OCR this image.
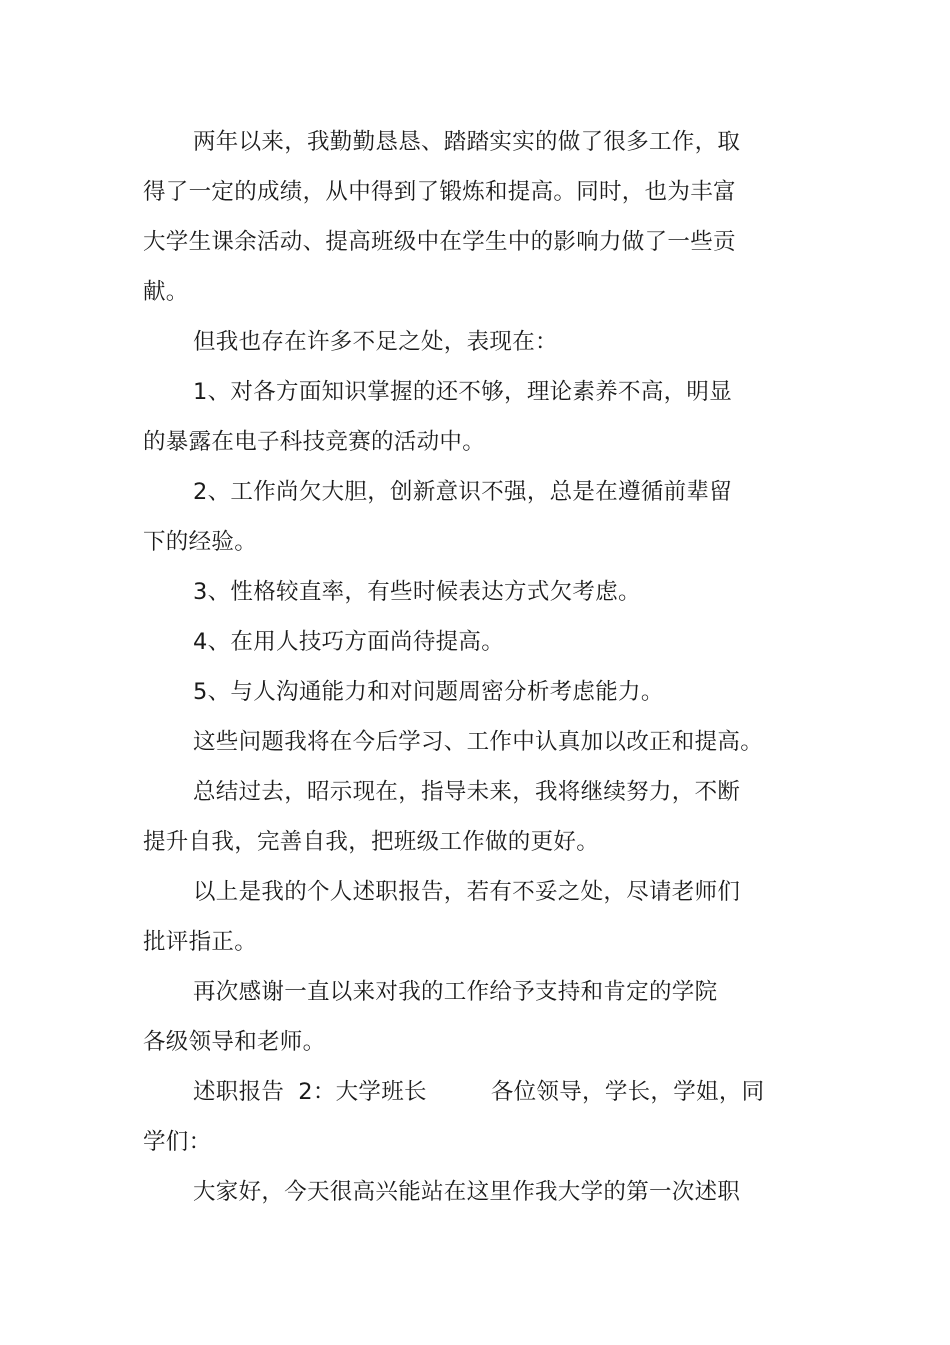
两年以来，我勤勤恳恳、踏踏实实的做了很多工作，取
得了一定的成绩，从中得到了锻炼和提高。同时，也为丰富
大学生课余活动、提高班级中在学生中的影响力做了一些贡
献。
但我也存在许多不足之处，表现在：
1、对各方面知识掌握的还不够，理论素养不高，明显
的暴露在电子科技竞赛的活动中。
2、工作尚欠大胆，创新意识不强，总是在遵循前辈留
下的经验。
3、性格较直率，有些时候表达方式欠考虑。
4、在用人技巧方面尚待提高。
5、与人沟通能力和对问题周密分析考虑能力。
这些问题我将在今后学习、工作中认真加以改正和提高。
总结过去，昭示现在，指导未来，我将继续努力，不断
提升自我，完善自我，把班级工作做的更好。
以上是我的个人述职报告，若有不妥之处，尽请老师们
批评指正。
再次感谢一直以来对我的工作给予支持和肯定的学院
各级领导和老师。
述职报告 2：大学班长	各位领导，学长，学姐，同
学们：
大家好，今天很高兴能站在这里作我大学的第一次述职
